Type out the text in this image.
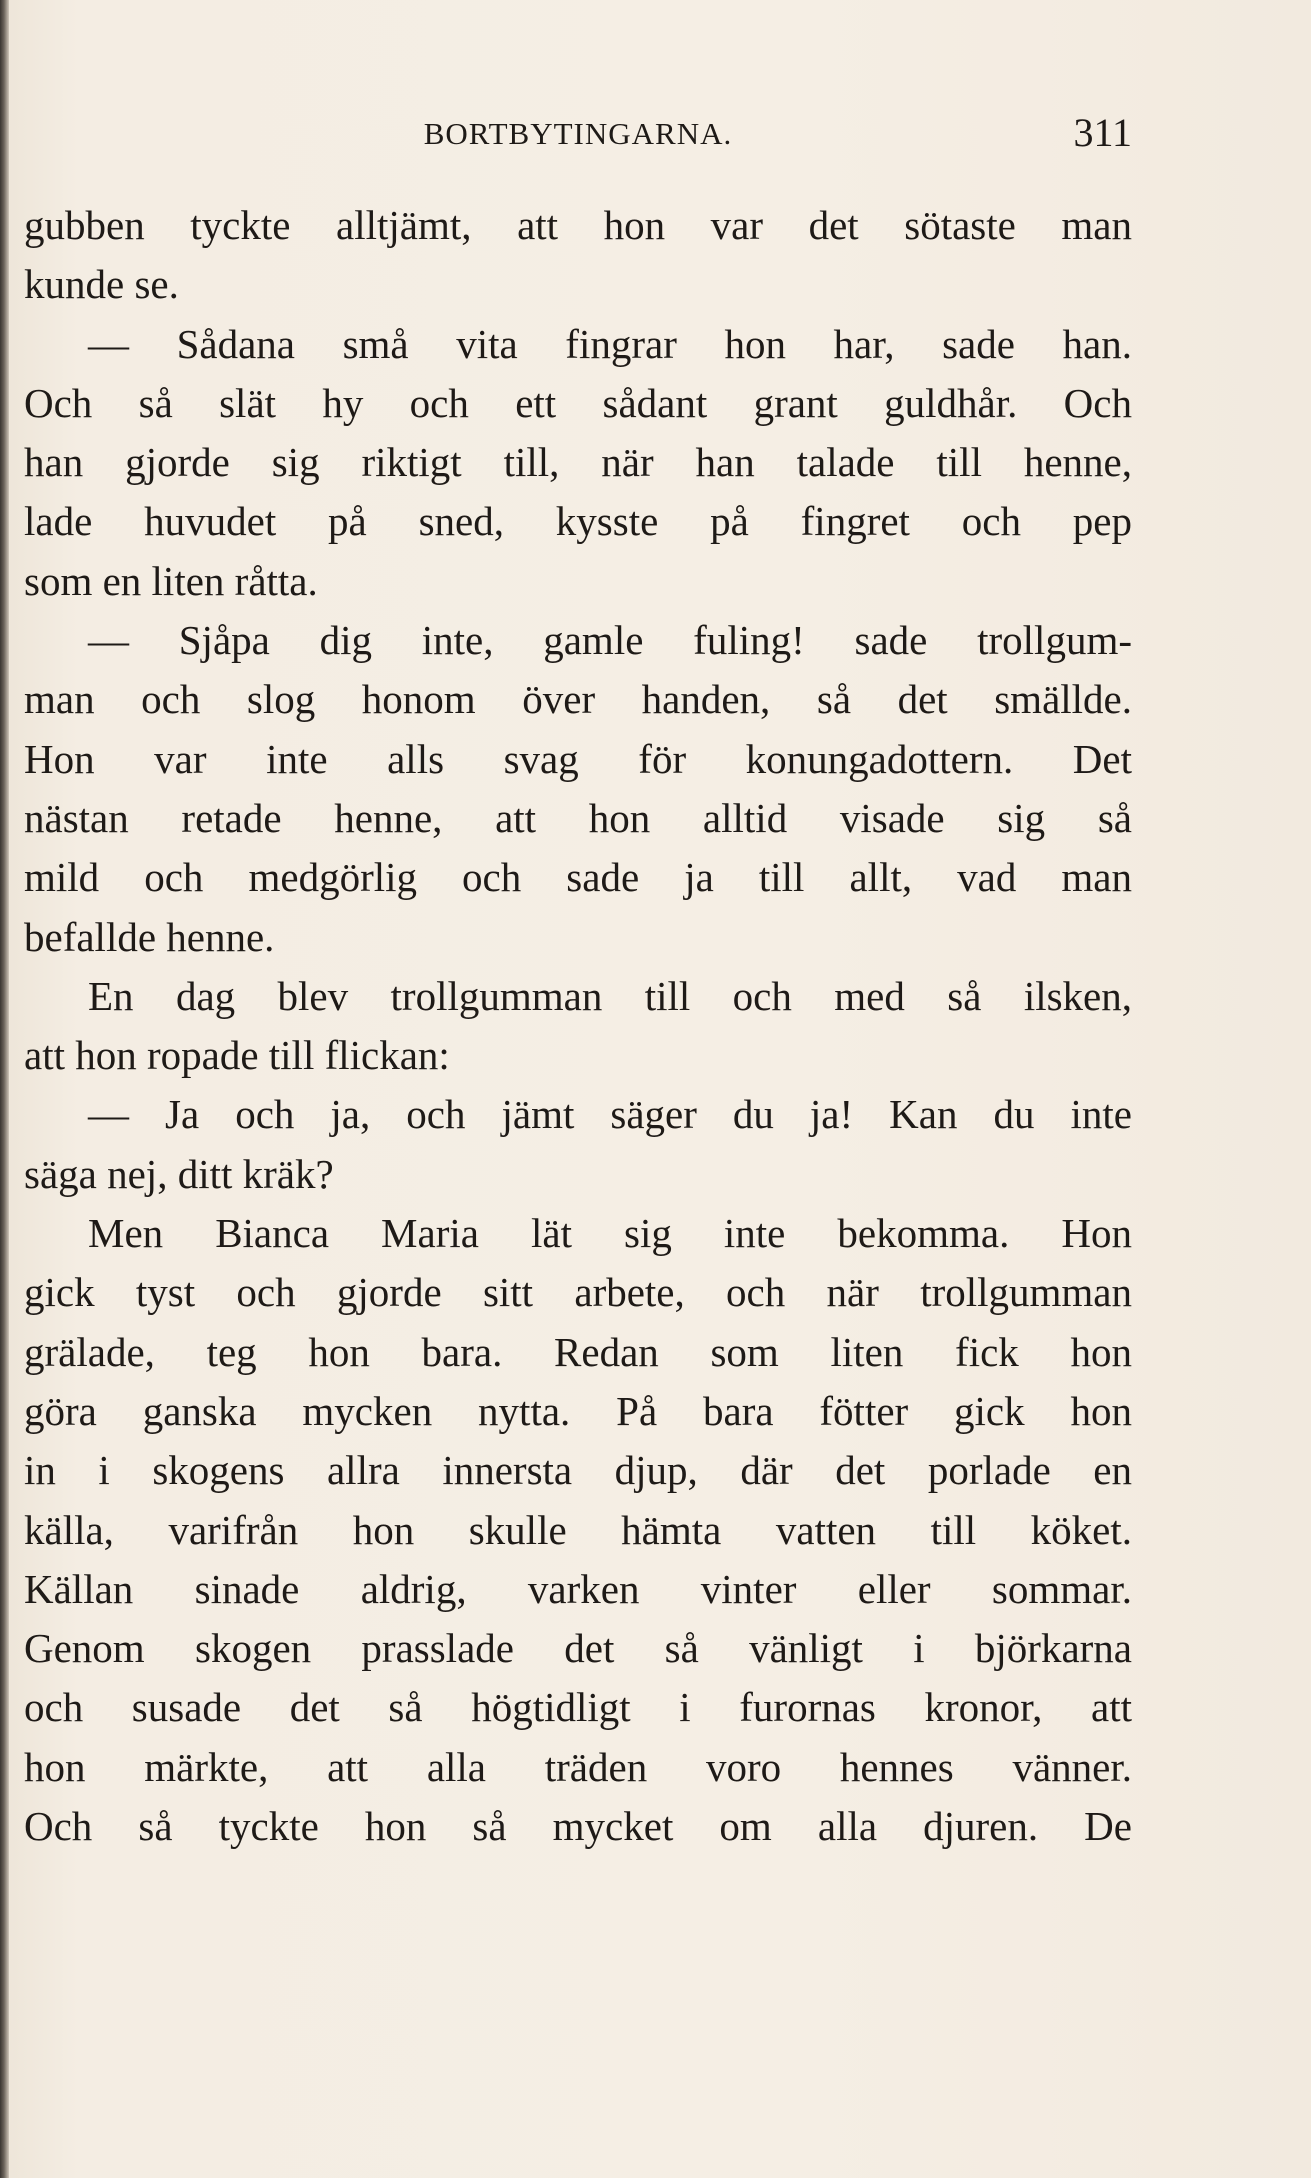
BORTBYTINGARNA.	311
gubben tyckte alltjämt, att hon var det sötaste man
kunde se.
— Sådana små vita fingrar hon har, sade han.
Och så slät hy och ett sådant grant guldhår. Och
han gjorde sig riktigt till, när han talade till henne,
lade huvudet på sned, kysste på fingret och pep
som en liten råtta.
— Sjåpa dig inte, gamle fuling! sade trollgum-
man och slog honom över handen, så det smällde.
Hon var inte alls svag för konungadottern. Det
nästan retade henne, att hon alltid visade sig så
mild och medgörlig och sade ja till allt, vad man
befallde henne.
En dag blev trollgumman till och med så ilsken,
att hon ropade till flickan:
— Ja och ja, och jämt säger du ja! Kan du inte
säga nej, ditt kräk?
Men Bianca Maria lät sig inte bekomma. Hon
gick tyst och gjorde sitt arbete, och när trollgumman
grälade, teg hon bara. Redan som liten fick hon
göra ganska mycken nytta. På bara fötter gick hon
in i skogens allra innersta djup, där det porlade en
källa, varifrån hon skulle hämta vatten till köket.
Källan sinade aldrig, varken vinter eller sommar.
Genom skogen prasslade det så vänligt i björkarna
och susade det så högtidligt i furornas kronor, att
hon märkte, att alla träden voro hennes vänner.
Och så tyckte hon så mycket om alla djuren. De
